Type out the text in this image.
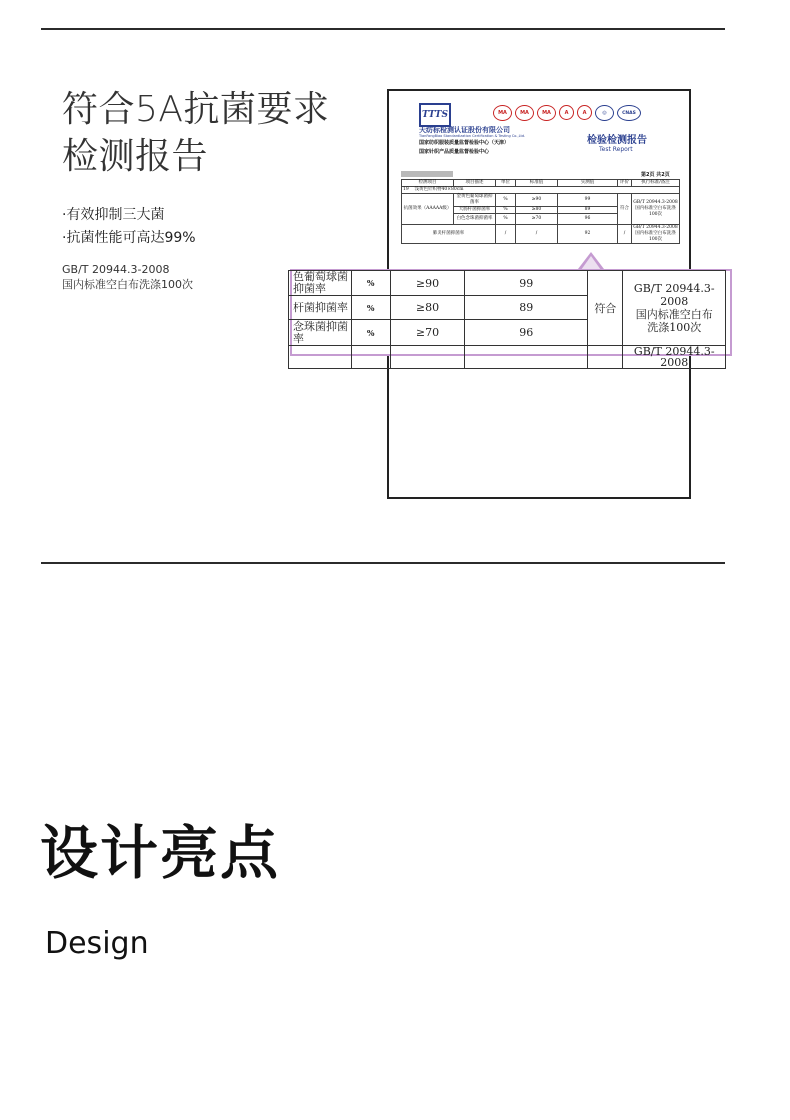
符合5A抗菌要求
检测报告
·有效抑制三大菌
·抗菌性能可高达99%
GB/T 20944.3-2008
国内标准空白布洗涤100次
TTTS	MA	MA	MA	A	A	◎	CNAS
天纺标检测认证股份有限公司
TianFangBiao Standardization Certification & Testing Co.,Ltd.
国家纺织服装质量监督检验中心（天津）
国家针织产品质量监督检验中心
检验检测报告
Test Report
第2页 共2页
检测项目	项目描述	单位	标准值	实测值	评价	执行标准/备注
19 浅黄色针织物40×80cm						
抗菌效果（AAAAA级）	金黄色葡萄球菌抑菌率	%	≥90	99	符合	GB/T 20944.3-2008 国内标准空白布洗涤100次
	大肠杆菌抑菌率	%	≥80	89		
	白色念珠菌抑菌率	%	≥70	96		
肺炎杆菌抑菌率		/	/	92	/	GB/T 20944.3-2008 国内标准空白布洗涤100次
色葡萄球菌抑菌率	%	≥90	99	符合	GB/T 20944.3-2008
国内标准空白布
洗涤100次

杆菌抑菌率	%	≥80	89		
念珠菌抑菌率	%	≥70	96		
					GB/T 20944.3-2008
设计亮点
Design
